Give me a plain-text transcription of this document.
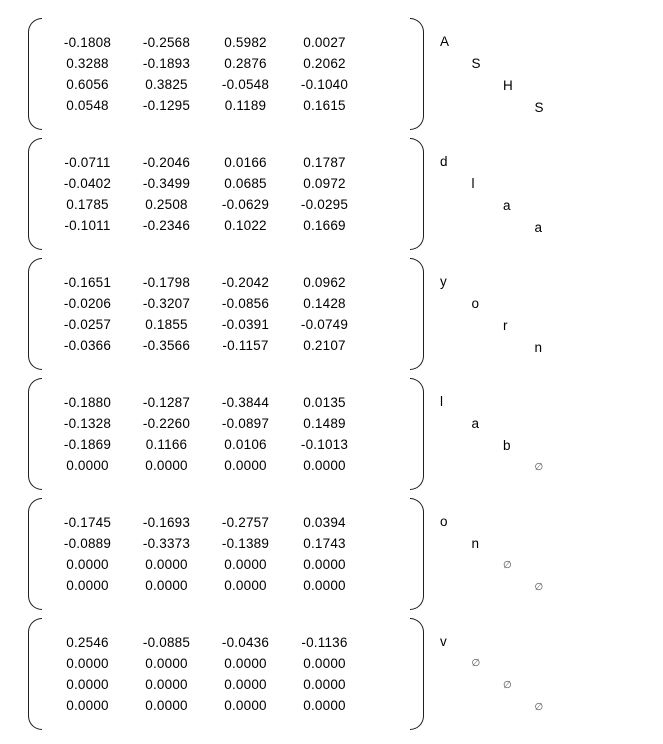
-0.1808	-0.2568	0.5982	0.0027
0.3288	-0.1893	0.2876	0.2062
0.6056	0.3825	-0.0548	-0.1040
0.0548	-0.1295	0.1189	0.1615
A
S
H
S
-0.0711	-0.2046	0.0166	0.1787
-0.0402	-0.3499	0.0685	0.0972
0.1785	0.2508	-0.0629	-0.0295
-0.1011	-0.2346	0.1022	0.1669
d
l
a
a
-0.1651	-0.1798	-0.2042	0.0962
-0.0206	-0.3207	-0.0856	0.1428
-0.0257	0.1855	-0.0391	-0.0749
-0.0366	-0.3566	-0.1157	0.2107
y
o
r
n
-0.1880	-0.1287	-0.3844	0.0135
-0.1328	-0.2260	-0.0897	0.1489
-0.1869	0.1166	0.0106	-0.1013
0.0000	0.0000	0.0000	0.0000
l
a
b
∅
-0.1745	-0.1693	-0.2757	0.0394
-0.0889	-0.3373	-0.1389	0.1743
0.0000	0.0000	0.0000	0.0000
0.0000	0.0000	0.0000	0.0000
o
n
∅
∅
0.2546	-0.0885	-0.0436	-0.1136
0.0000	0.0000	0.0000	0.0000
0.0000	0.0000	0.0000	0.0000
0.0000	0.0000	0.0000	0.0000
v
∅
∅
∅
